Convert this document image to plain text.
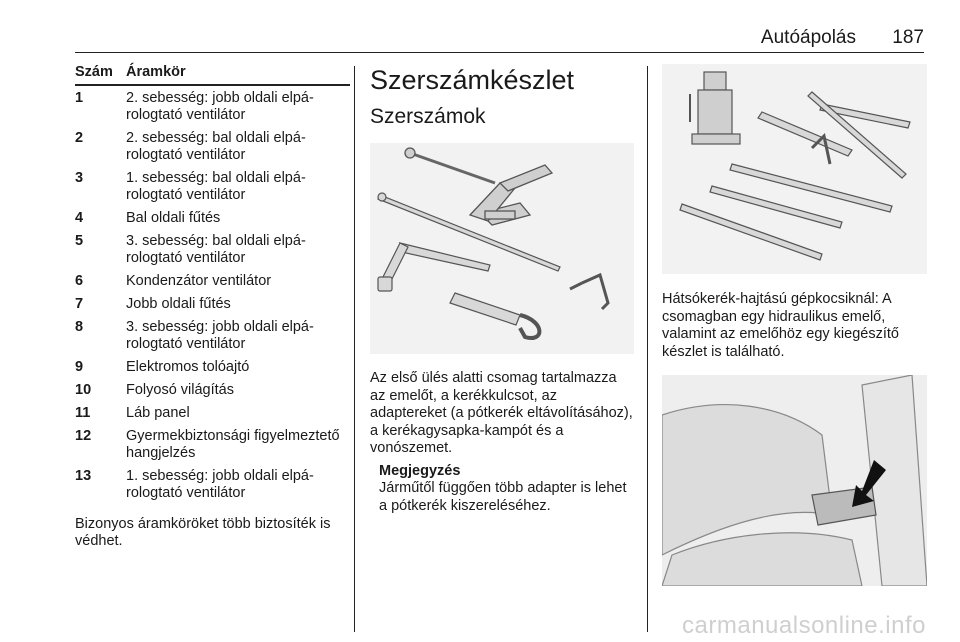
Autóápolás 187
Szám Áramkör
1	2. sebesség: jobb oldali elpárologtató ventilátor
2	2. sebesség: bal oldali elpárologtató ventilátor
3	1. sebesség: bal oldali elpárologtató ventilátor
4	Bal oldali fűtés
5	3. sebesség: bal oldali elpárologtató ventilátor
6	Kondenzátor ventilátor
7	Jobb oldali fűtés
8	3. sebesség: jobb oldali elpárologtató ventilátor
9	Elektromos tolóajtó
10	Folyosó világítás
11	Láb panel
12	Gyermekbiztonsági figyelmeztető hangjelzés
13	1. sebesség: jobb oldali elpárologtató ventilátor
Bizonyos áramköröket több biztosíték is védhet.
Szerszámkészlet
Szerszámok
Az első ülés alatti csomag tartalmazza az emelőt, a kerékkulcsot, az adaptereket (a pótkerék eltávolításához), a kerékagysapka-kampót és a vonószemet.
Megjegyzés
Járműtől függően több adapter is lehet a pótkerék kiszereléséhez.
Hátsókerék-hajtású gépkocsiknál: A csomagban egy hidraulikus emelő, valamint az emelőhöz egy kiegészítő készlet is található.
carmanualsonline.info
